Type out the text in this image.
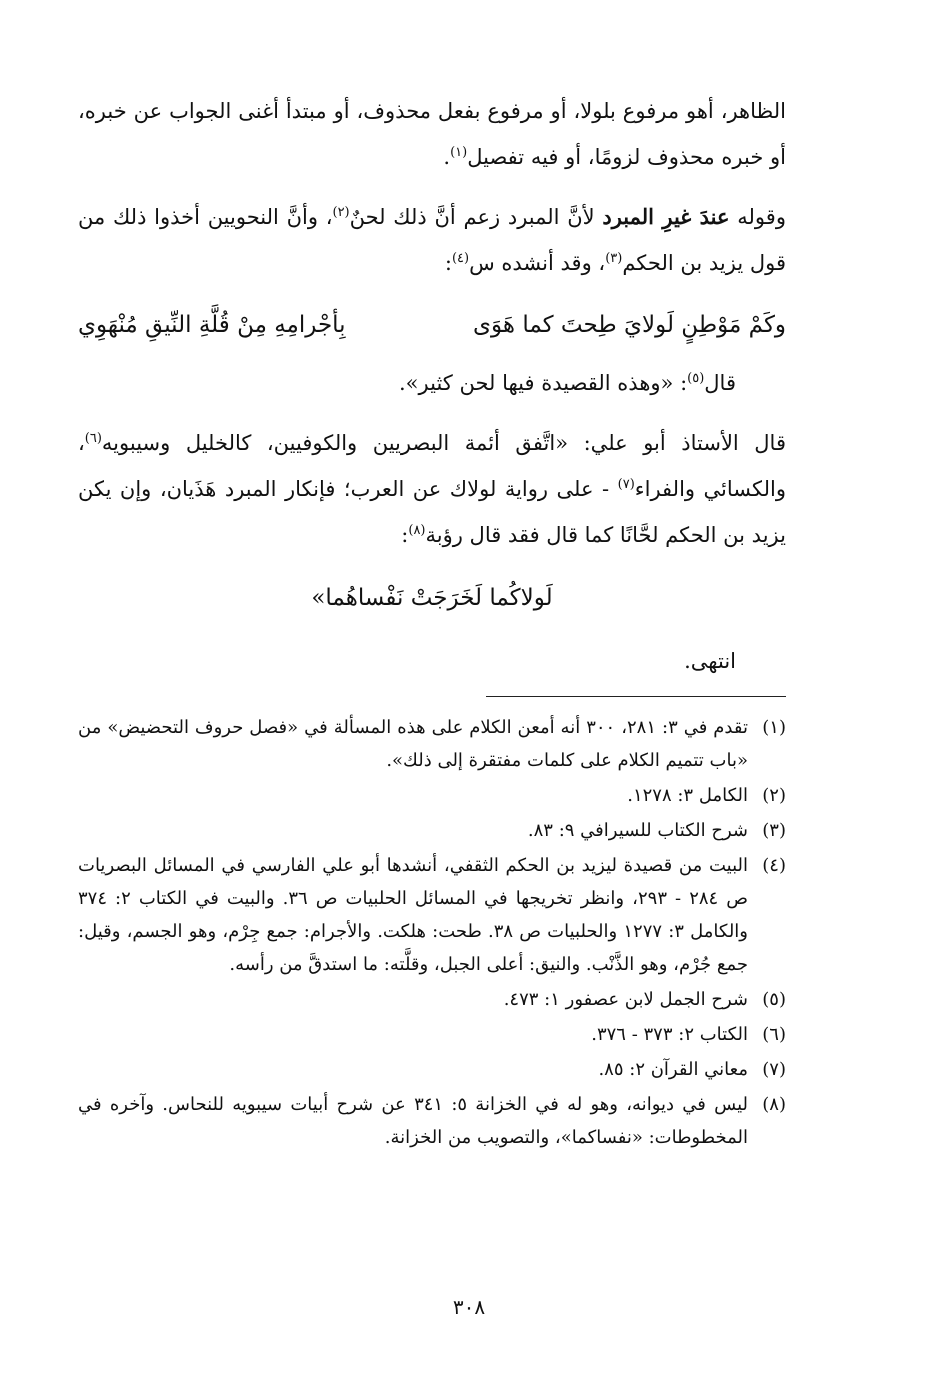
الظاهر، أهو مرفوع بلولا، أو مرفوع بفعل محذوف، أو مبتدأ أغنى الجواب عن خبره، أو خبره محذوف لزومًا، أو فيه تفصيل$^{(١)}$.

وقوله عندَ غيرِ المبرد لأنَّ المبرد زعم أنَّ ذلك لحنٌ$^{(٢)}$، وأنَّ النحويين أخذوا ذلك من قول يزيد بن الحكم$^{(٣)}$، وقد أنشده س$^{(٤)}$:

وكَمْ مَوْطِنٍ لَولايَ طِحتَ كما هَوَى
بِأجْرامِهِ مِنْ قُلَّةِ النِّيقِ مُنْهَوِي

قال$^{(٥)}$: «وهذه القصيدة فيها لحن كثير».

قال الأستاذ أبو علي: «اتَّفق أئمة البصريين والكوفيين، كالخليل وسيبويه$^{(٦)}$، والكسائي والفراء$^{(٧)}$ - على رواية لولاك عن العرب؛ فإنكار المبرد هَذَيان، وإن يكن يزيد بن الحكم لحَّانًا كما قال فقد قال رؤبة$^{(٨)}$:

لَولاكُما لَخَرَجَتْ نَفْساهُما»
انتهى.
(١)
تقدم في ٣: ٢٨١، ٣٠٠ أنه أمعن الكلام على هذه المسألة في «فصل حروف التحضيض» من «باب تتميم الكلام على كلمات مفتقرة إلى ذلك».
(٢)
الكامل ٣: ١٢٧٨.
(٣)
شرح الكتاب للسيرافي ٩: ٨٣.
(٤)
البيت من قصيدة ليزيد بن الحكم الثقفي، أنشدها أبو علي الفارسي في المسائل البصريات ص ٢٨٤ - ٢٩٣، وانظر تخريجها في المسائل الحلبيات ص ٣٦. والبيت في الكتاب ٢: ٣٧٤ والكامل ٣: ١٢٧٧ والحلبيات ص ٣٨. طحت: هلكت. والأجرام: جمع جِرْم، وهو الجسم، وقيل: جمع جُرْم، وهو الذَّنْب. والنيق: أعلى الجبل، وقلَّته: ما استدقَّ من رأسه.
(٥)
شرح الجمل لابن عصفور ١: ٤٧٣.
(٦)
الكتاب ٢: ٣٧٣ - ٣٧٦.
(٧)
معاني القرآن ٢: ٨٥.
(٨)
ليس في ديوانه، وهو له في الخزانة ٥: ٣٤١ عن شرح أبيات سيبويه للنحاس. وآخره في المخطوطات: «نفساكما»، والتصويب من الخزانة.
٣٠٨
